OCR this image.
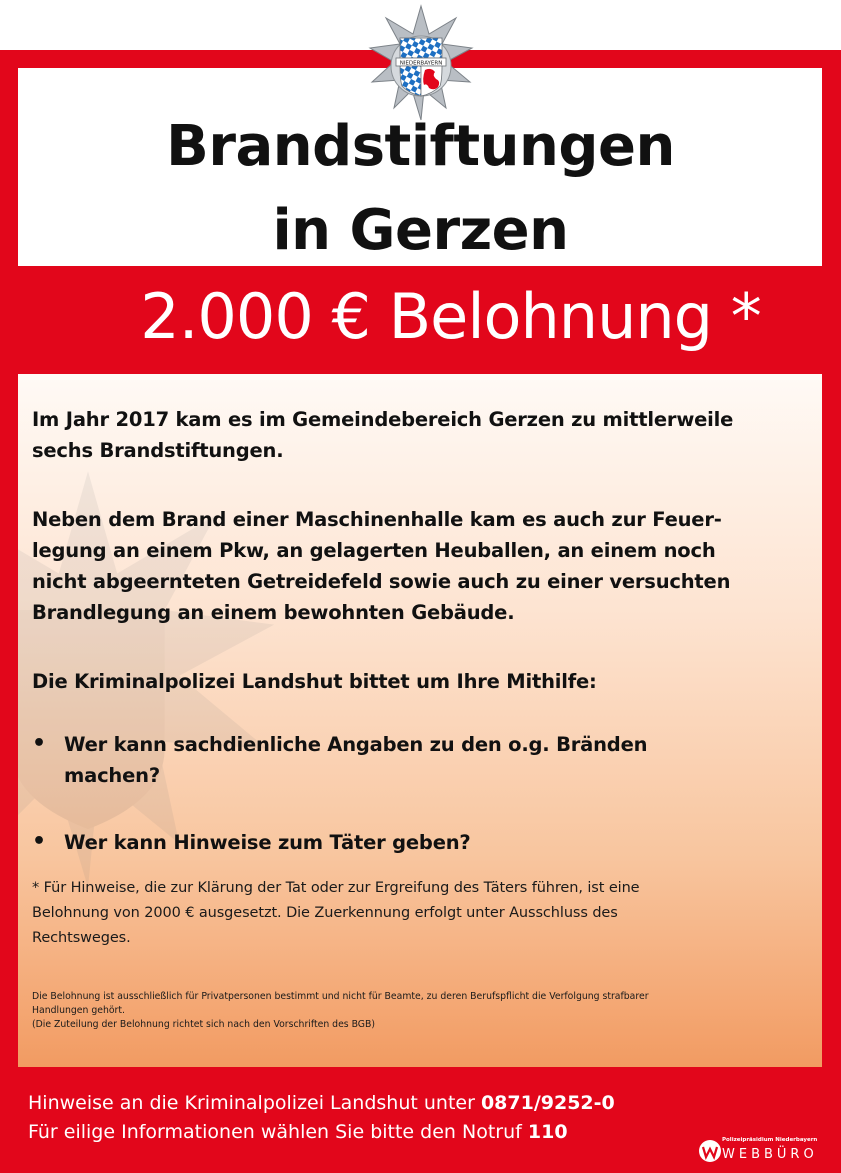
NIEDERBAYERN
Brandstiftungen
in Gerzen
2.000 € Belohnung *
Im Jahr 2017 kam es im Gemeindebereich Gerzen zu mittlerweile
sechs Brandstiftungen.
Neben dem Brand einer Maschinenhalle kam es auch zur Feuer-
legung an einem Pkw, an gelagerten Heuballen, an einem noch
nicht abgeernteten Getreidefeld sowie auch zu einer versuchten
Brandlegung an einem bewohnten Gebäude.
Die Kriminalpolizei Landshut bittet um Ihre Mithilfe:
• Wer kann sachdienliche Angaben zu den o.g. Bränden
machen?
• Wer kann Hinweise zum Täter geben?
* Für Hinweise, die zur Klärung der Tat oder zur Ergreifung des Täters führen, ist eine
Belohnung von 2000 € ausgesetzt. Die Zuerkennung erfolgt unter Ausschluss des
Rechtsweges.
Die Belohnung ist ausschließlich für Privatpersonen bestimmt und nicht für Beamte, zu deren Berufspflicht die Verfolgung strafbarer
Handlungen gehört.
(Die Zuteilung der Belohnung richtet sich nach den Vorschriften des BGB)
Hinweise an die Kriminalpolizei Landshut unter 0871/9252-0
Für eilige Informationen wählen Sie bitte den Notruf 110	Polizeipräsidium Niederbayern
WEBBÜRO
